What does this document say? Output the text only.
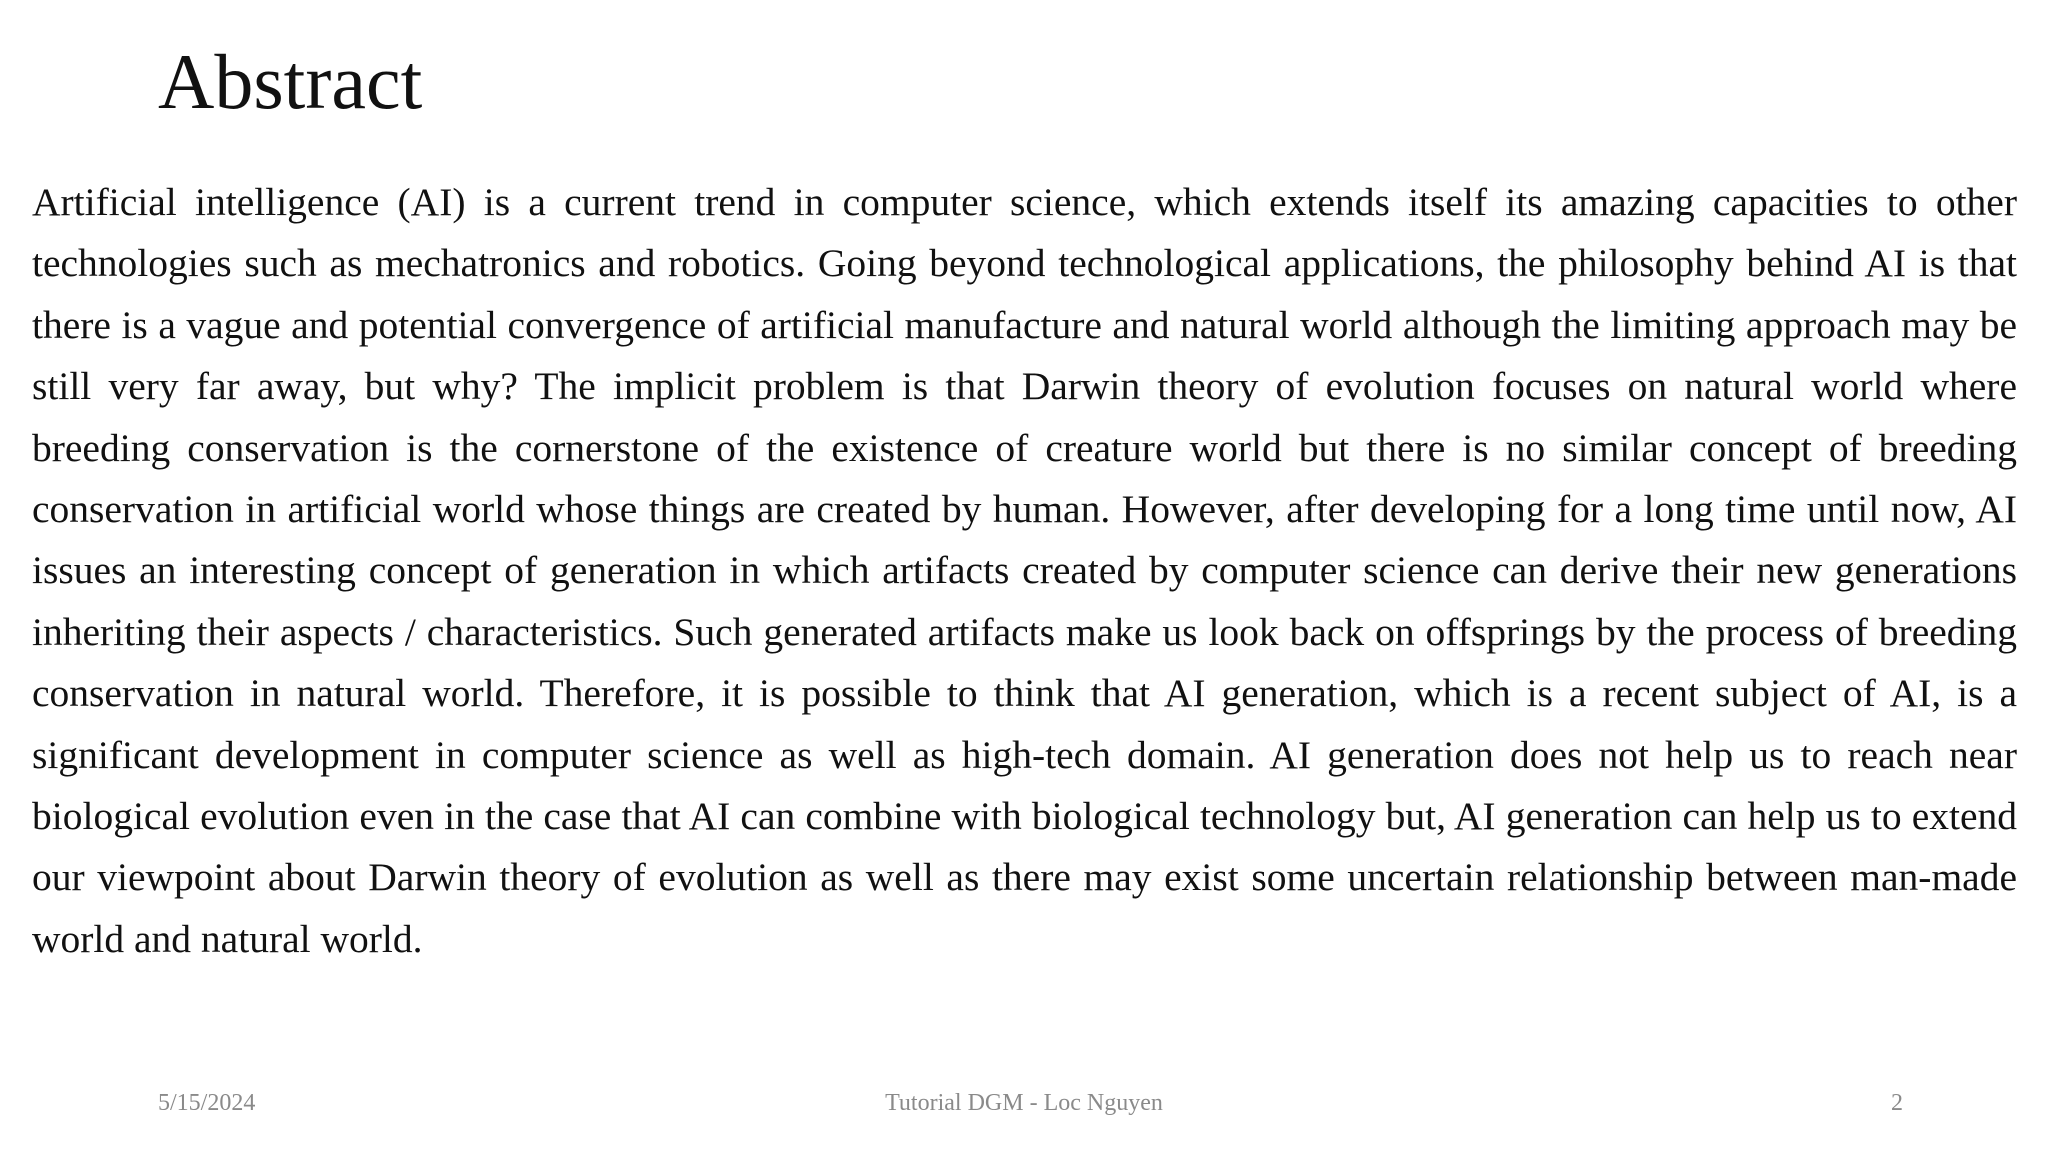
Abstract

Artificial intelligence (AI) is a current trend in computer science, which extends itself its amazing capacities to other technologies such as mechatronics and robotics. Going beyond technological applications, the philosophy behind AI is that there is a vague and potential convergence of artificial manufacture and natural world although the limiting approach may be still very far away, but why? The implicit problem is that Darwin theory of evolution focuses on natural world where breeding conservation is the cornerstone of the existence of creature world but there is no similar concept of breeding conservation in artificial world whose things are created by human. However, after developing for a long time until now, AI issues an interesting concept of generation in which artifacts created by computer science can derive their new generations inheriting their aspects / characteristics. Such generated artifacts make us look back on offsprings by the process of breeding conservation in natural world. Therefore, it is possible to think that AI generation, which is a recent subject of AI, is a significant development in computer science as well as high-tech domain. AI generation does not help us to reach near biological evolution even in the case that AI can combine with biological technology but, AI generation can help us to extend our viewpoint about Darwin theory of evolution as well as there may exist some uncertain relationship between man-made world and natural world.

5/15/2024	Tutorial DGM - Loc Nguyen	2
